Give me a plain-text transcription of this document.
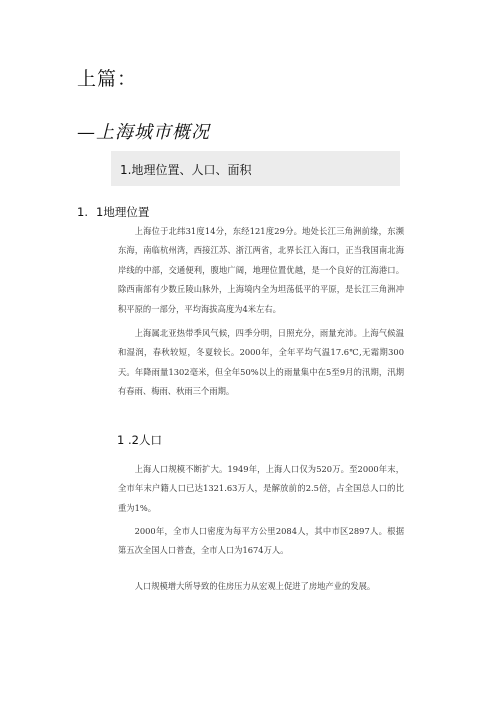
上篇：
—上海城市概况
1.地理位置、人口、面积
1. 1地理位置

上海位于北纬31度14分，东经121度29分。地处长江三角洲前缘，东濒东海，南临杭州湾，西接江苏、浙江两省，北界长江入海口，正当我国南北海岸线的中部，交通便利，腹地广阔，地理位置优越，是一个良好的江海港口。除西南部有少数丘陵山脉外，上海境内全为坦荡低平的平原，是长江三角洲冲积平原的一部分，平均海拔高度为4米左右。

上海属北亚热带季风气候，四季分明，日照充分，雨量充沛。上海气候温和湿润，春秋较短，冬夏较长。2000年，全年平均气温17.6℃,无霜期300天。年降雨量1302毫米，但全年50%以上的雨量集中在5至9月的汛期，汛期有春雨、梅雨、秋雨三个雨期。

1 .2人口

上海人口规模不断扩大。1949年，上海人口仅为520万。至2000年末，全市年末户籍人口已达1321.63万人，是解放前的2.5倍，占全国总人口的比重为1%。

2000年，全市人口密度为每平方公里2084人，其中市区2897人。根据第五次全国人口普查，全市人口为1674万人。

人口规模增大所导致的住房压力从宏观上促进了房地产业的发展。
